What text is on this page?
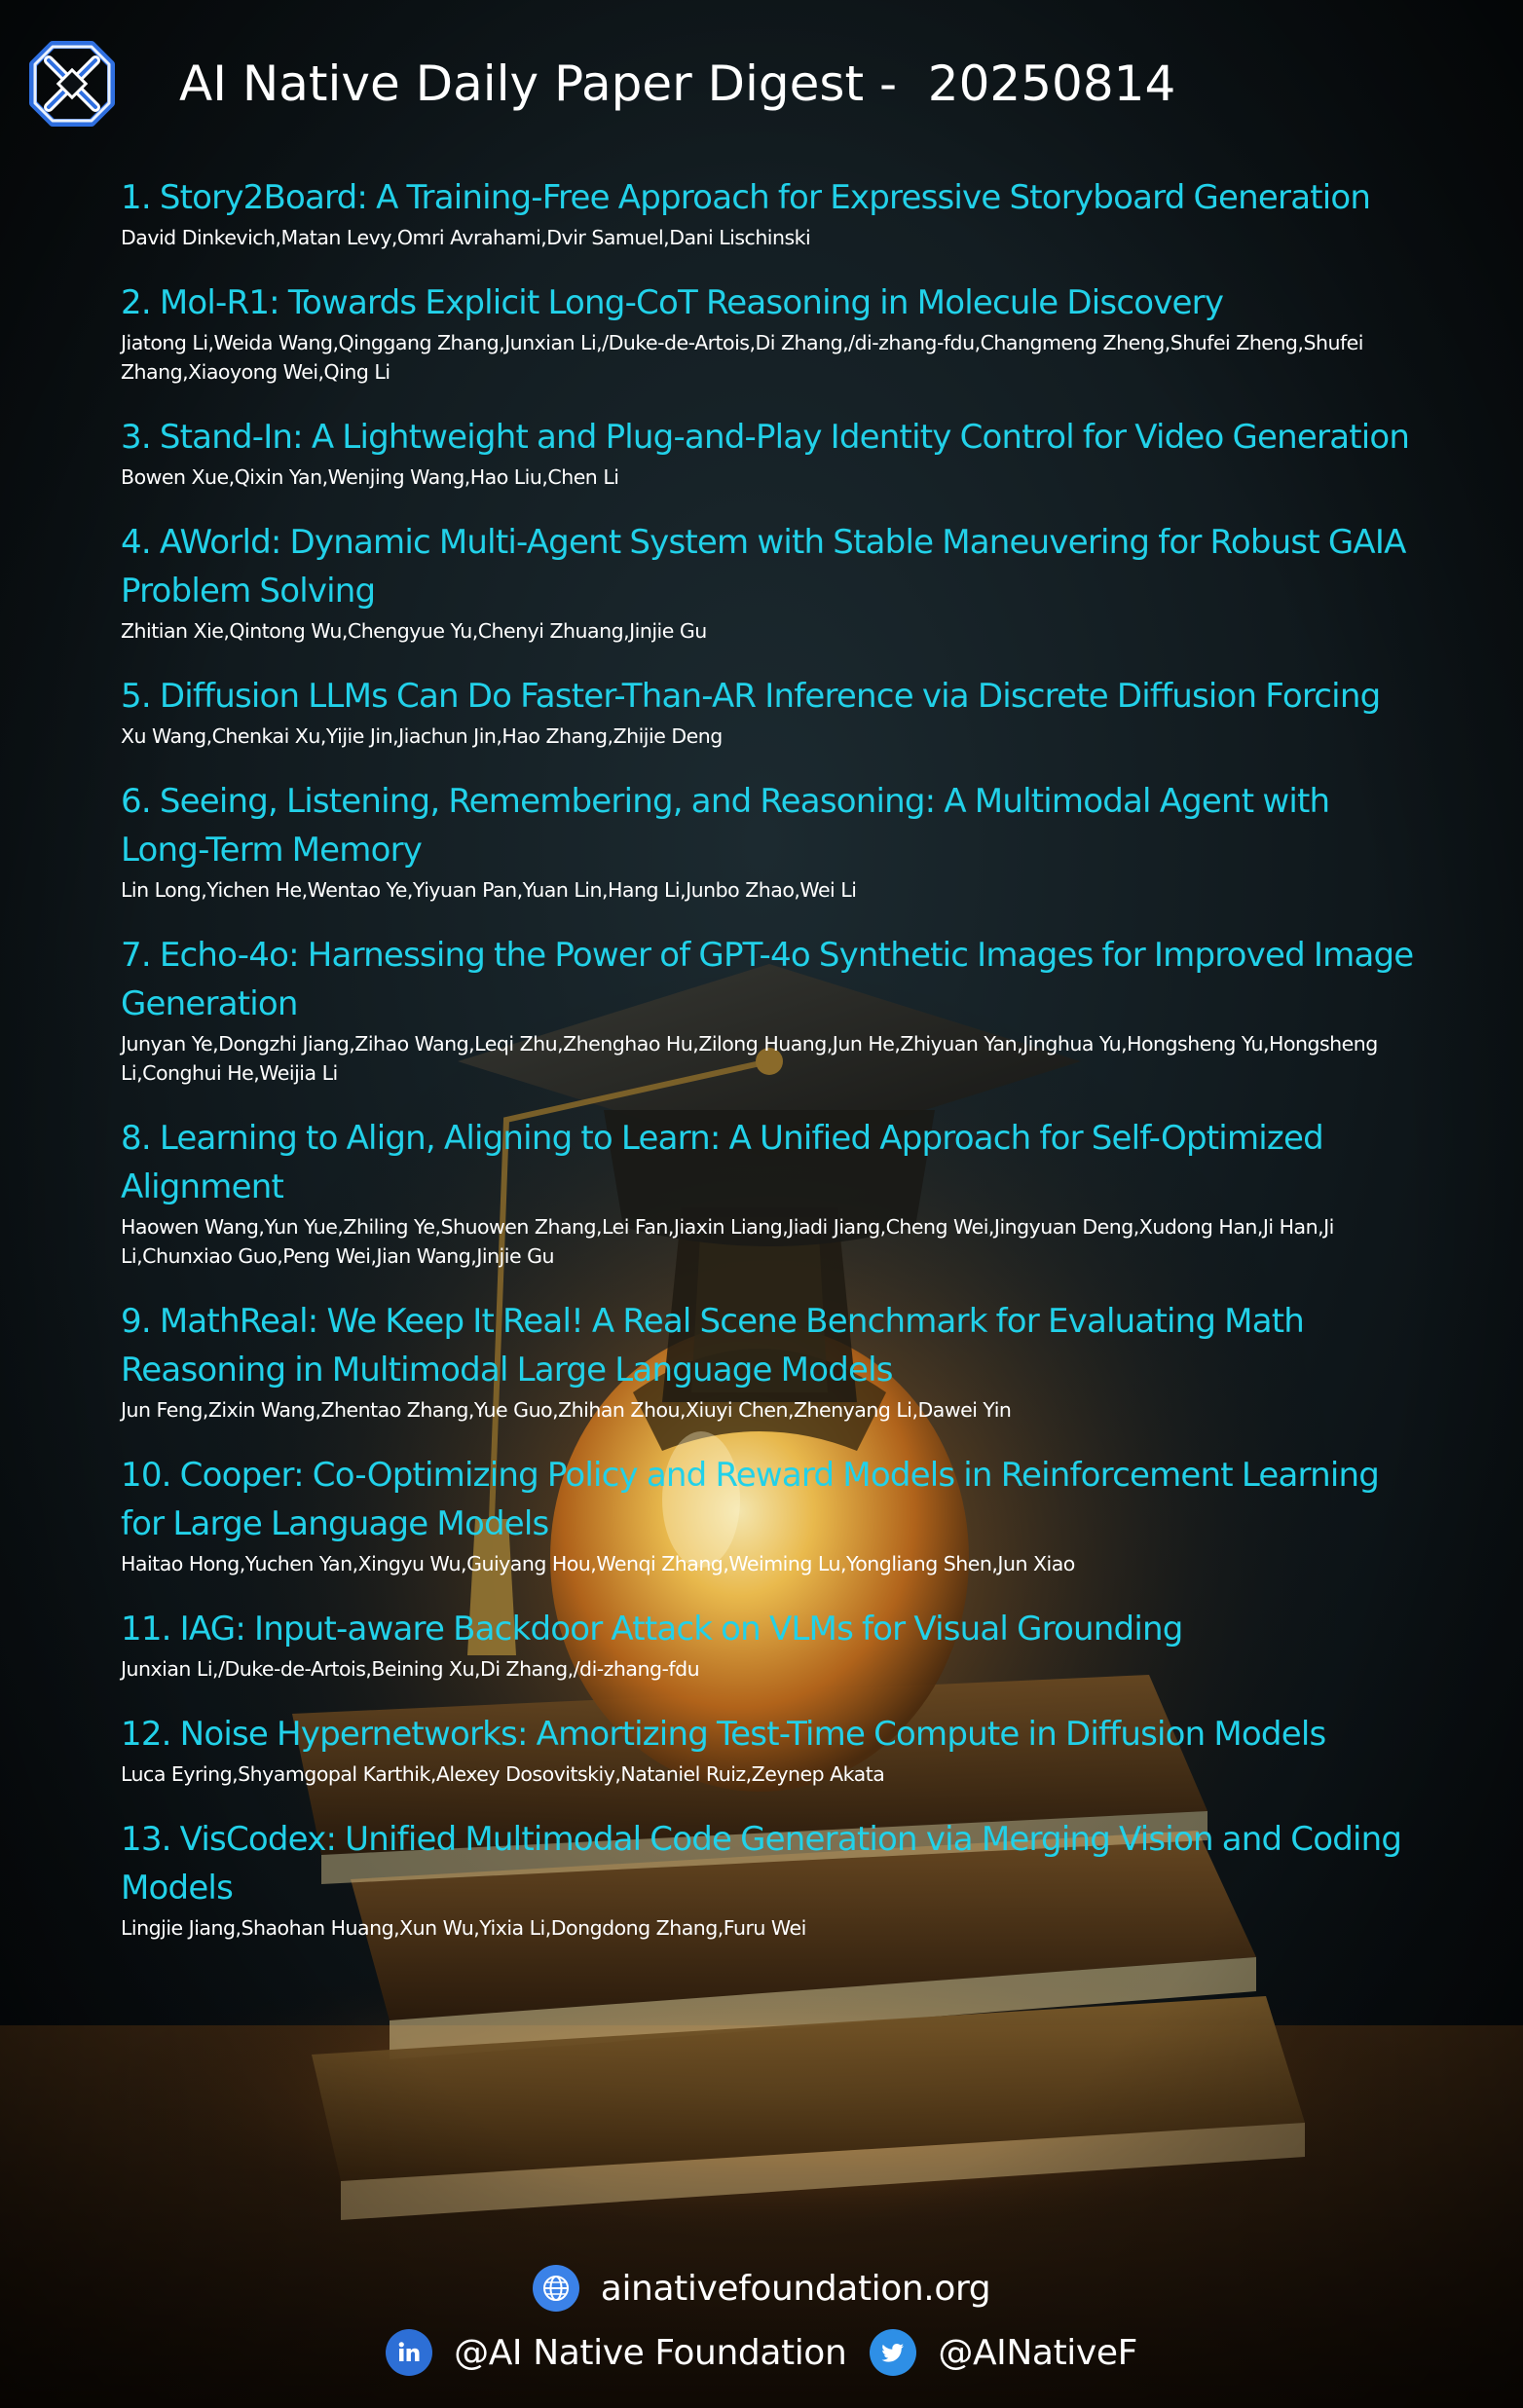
AI Native Daily Paper Digest -  20250814
1. Story2Board: A Training-Free Approach for Expressive Storyboard Generation
David Dinkevich,Matan Levy,Omri Avrahami,Dvir Samuel,Dani Lischinski
2. Mol-R1: Towards Explicit Long-CoT Reasoning in Molecule Discovery
Jiatong Li,Weida Wang,Qinggang Zhang,Junxian Li,/Duke-de-Artois,Di Zhang,/di-zhang-fdu,Changmeng Zheng,Shufei Zheng,Shufei Zhang,Xiaoyong Wei,Qing Li
3. Stand-In: A Lightweight and Plug-and-Play Identity Control for Video Generation
Bowen Xue,Qixin Yan,Wenjing Wang,Hao Liu,Chen Li
4. AWorld: Dynamic Multi-Agent System with Stable Maneuvering for Robust GAIA Problem Solving
Zhitian Xie,Qintong Wu,Chengyue Yu,Chenyi Zhuang,Jinjie Gu
5. Diffusion LLMs Can Do Faster-Than-AR Inference via Discrete Diffusion Forcing
Xu Wang,Chenkai Xu,Yijie Jin,Jiachun Jin,Hao Zhang,Zhijie Deng
6. Seeing, Listening, Remembering, and Reasoning: A Multimodal Agent with Long-Term Memory
Lin Long,Yichen He,Wentao Ye,Yiyuan Pan,Yuan Lin,Hang Li,Junbo Zhao,Wei Li
7. Echo-4o: Harnessing the Power of GPT-4o Synthetic Images for Improved Image Generation
Junyan Ye,Dongzhi Jiang,Zihao Wang,Leqi Zhu,Zhenghao Hu,Zilong Huang,Jun He,Zhiyuan Yan,Jinghua Yu,Hongsheng Yu,Hongsheng Li,Conghui He,Weijia Li
8. Learning to Align, Aligning to Learn: A Unified Approach for Self-Optimized Alignment
Haowen Wang,Yun Yue,Zhiling Ye,Shuowen Zhang,Lei Fan,Jiaxin Liang,Jiadi Jiang,Cheng Wei,Jingyuan Deng,Xudong Han,Ji Han,Ji Li,Chunxiao Guo,Peng Wei,Jian Wang,Jinjie Gu
9. MathReal: We Keep It Real! A Real Scene Benchmark for Evaluating Math Reasoning in Multimodal Large Language Models
Jun Feng,Zixin Wang,Zhentao Zhang,Yue Guo,Zhihan Zhou,Xiuyi Chen,Zhenyang Li,Dawei Yin
10. Cooper: Co-Optimizing Policy and Reward Models in Reinforcement Learning for Large Language Models
Haitao Hong,Yuchen Yan,Xingyu Wu,Guiyang Hou,Wenqi Zhang,Weiming Lu,Yongliang Shen,Jun Xiao
11. IAG: Input-aware Backdoor Attack on VLMs for Visual Grounding
Junxian Li,/Duke-de-Artois,Beining Xu,Di Zhang,/di-zhang-fdu
12. Noise Hypernetworks: Amortizing Test-Time Compute in Diffusion Models
Luca Eyring,Shyamgopal Karthik,Alexey Dosovitskiy,Nataniel Ruiz,Zeynep Akata
13. VisCodex: Unified Multimodal Code Generation via Merging Vision and Coding Models
Lingjie Jiang,Shaohan Huang,Xun Wu,Yixia Li,Dongdong Zhang,Furu Wei
ainativefoundation.org
@AI Native Foundation	@AINativeF
